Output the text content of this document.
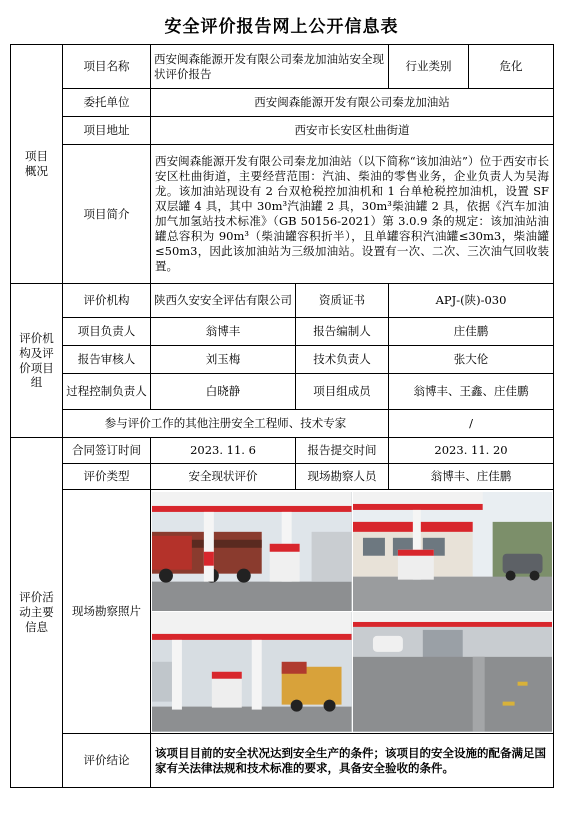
安全评价报告网上公开信息表
项目
概况	项目名称	西安闽森能源开发有限公司秦龙加油站安全现状评价报告		行业类别	危化
	委托单位	西安闽森能源开发有限公司秦龙加油站			
	项目地址	西安市长安区杜曲街道			
	项目简介	西安闽森能源开发有限公司秦龙加油站（以下简称“该加油站”）位于西安市长安区杜曲街道，主要经营范围：汽油、柴油的零售业务，企业负责人为吴海龙。该加油站现设有 2 台双枪税控加油机和 1 台单枪税控加油机，设置 SF 双层罐 4 具，其中 30m³汽油罐 2 具，30m³柴油罐 2 具，依据《汽车加油加气加氢站技术标准》（GB 50156-2021）第 3.0.9 条的规定：该加油站油罐总容积为 90m³（柴油罐容积折半），且单罐容积汽油罐≤30m3，柴油罐≤50m3，因此该加油站为三级加油站。设置有一次、二次、三次油气回收装置。			
评价机
构及评
价项目
组	评价机构	陕西久安安全评估有限公司	资质证书	APJ-(陕)-030	
	项目负责人	翁博丰	报告编制人	庄佳鹏	
	报告审核人	刘玉梅	技术负责人	张大伦	
	过程控制负责人	白晓静	项目组成员	翁博丰、王鑫、庄佳鹏	
	参与评价工作的其他注册安全工程师、技术专家			/	
评价活
动主要
信息	合同签订时间	2023. 11. 6	报告提交时间	2023. 11. 20	
	评价类型	安全现状评价	现场勘察人员	翁博丰、庄佳鹏	
	现场勘察照片	

	评价结论	该项目目前的安全状况达到安全生产的条件；该项目的安全设施的配备满足国家有关法律法规和技术标准的要求，具备安全验收的条件。			
